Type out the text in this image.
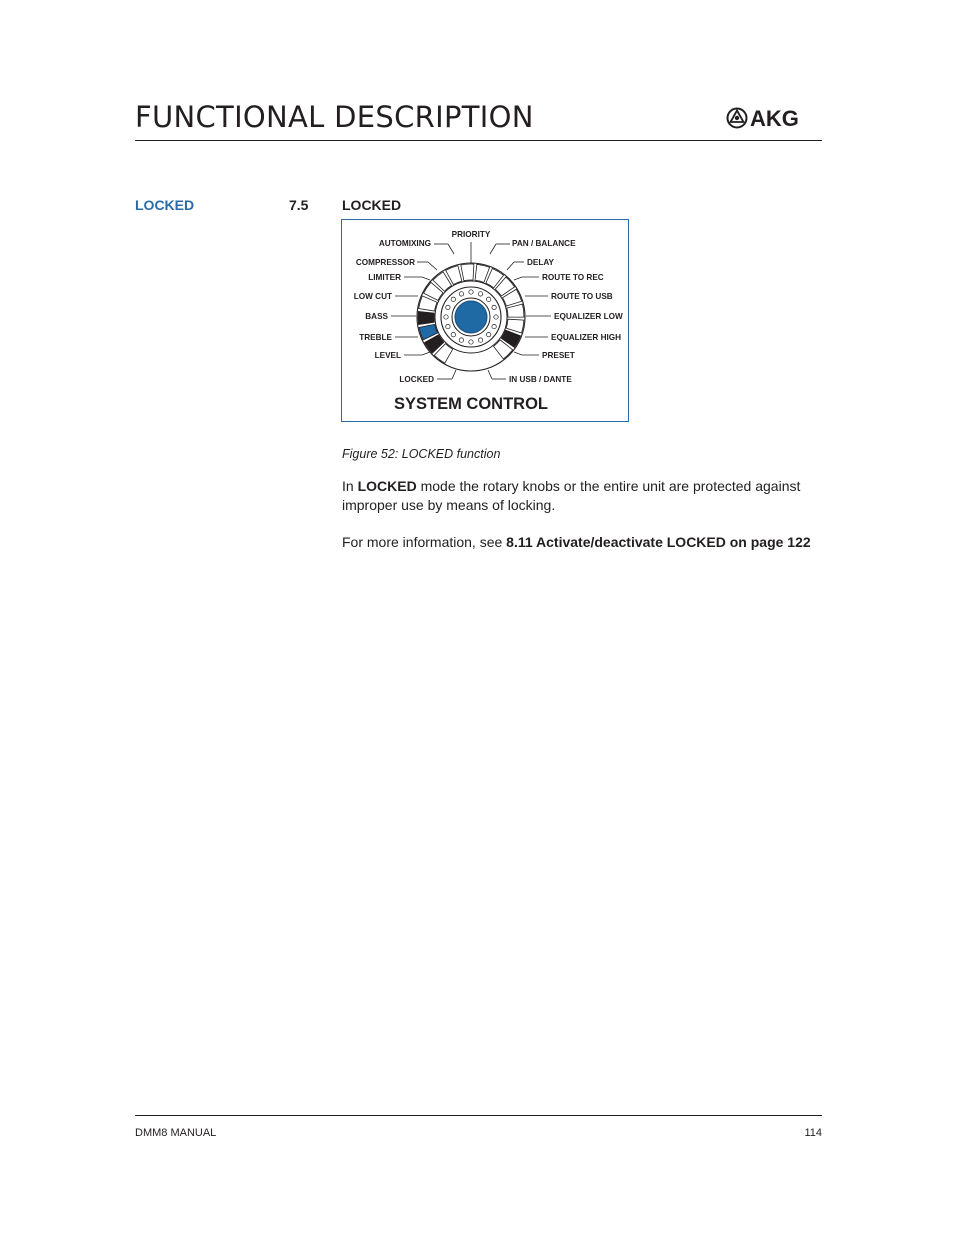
FUNCTIONAL DESCRIPTION	AKG
LOCKED	7.5 LOCKED
PRIORITY
AUTOMIXING
COMPRESSOR
LIMITER
LOW CUT
BASS
TREBLE
LEVEL
LOCKED
PAN / BALANCE
DELAY
ROUTE TO REC
ROUTE TO USB
EQUALIZER LOW
EQUALIZER HIGH
PRESET
IN USB / DANTE
SYSTEM CONTROL
Figure 52: LOCKED function
In LOCKED mode the rotary knobs or the entire unit are protected against improper use by means of locking.
For more information, see 8.11 Activate/deactivate LOCKED on page 122
DMM8 MANUAL	114
